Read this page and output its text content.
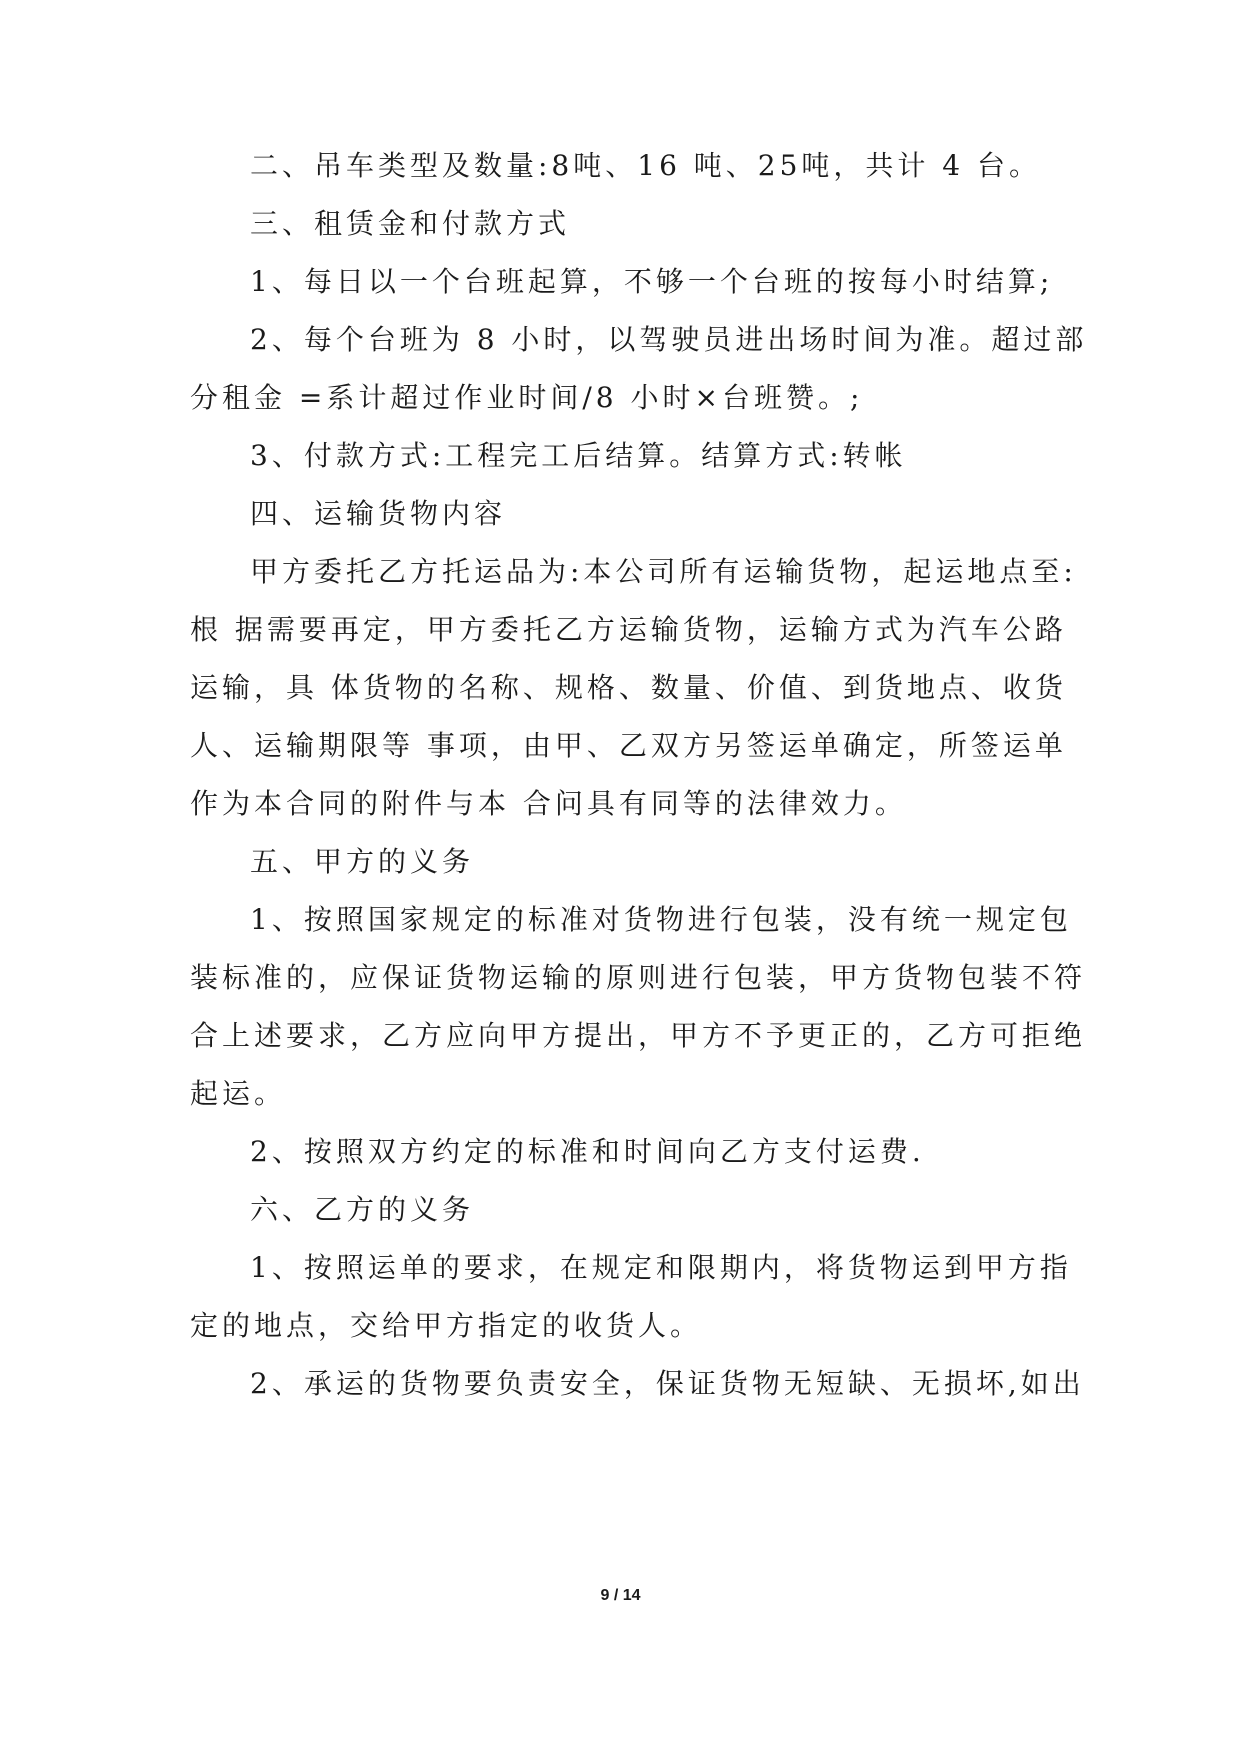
二、吊车类型及数量:8吨、16 吨、25吨，共计 4 台。
三、租赁金和付款方式
1、每日以一个台班起算，不够一个台班的按每小时结算;
2、每个台班为 8 小时，以驾驶员进出场时间为准。超过部
分租金 =系计超过作业时间/8 小时×台班赞。;
3、付款方式:工程完工后结算。结算方式:转帐
四、运输货物内容
甲方委托乙方托运品为:本公司所有运输货物，起运地点至:
根 据需要再定，甲方委托乙方运输货物，运输方式为汽车公路
运输，具 体货物的名称、规格、数量、价值、到货地点、收货
人、运输期限等 事项，由甲、乙双方另签运单确定，所签运单
作为本合同的附件与本 合问具有同等的法律效力。
五、甲方的义务
1、按照国家规定的标准对货物进行包装，没有统一规定包
装标准的，应保证货物运输的原则进行包装，甲方货物包装不符
合上述要求，乙方应向甲方提出，甲方不予更正的，乙方可拒绝
起运。
2、按照双方约定的标准和时间向乙方支付运费.
六、乙方的义务
1、按照运单的要求，在规定和限期内，将货物运到甲方指
定的地点，交给甲方指定的收货人。
2、承运的货物要负责安全，保证货物无短缺、无损坏,如出
9 / 14
